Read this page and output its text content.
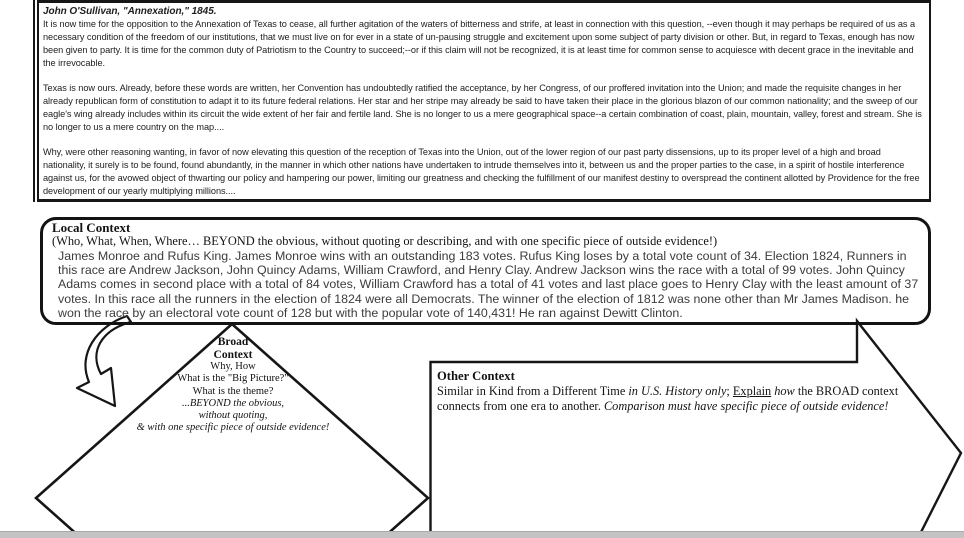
John O'Sullivan, "Annexation," 1845.
It is now time for the opposition to the Annexation of Texas to cease, all further agitation of the waters of bitterness and strife, at least in connection with this question, --even though it may perhaps be required of us as a necessary condition of the freedom of our institutions, that we must live on for ever in a state of un-pausing struggle and excitement upon some subject of party division or other. But, in regard to Texas, enough has now been given to party. It is time for the common duty of Patriotism to the Country to succeed;--or if this claim will not be recognized, it is at least time for common sense to acquiesce with decent grace in the inevitable and the irrevocable.
Texas is now ours. Already, before these words are written, her Convention has undoubtedly ratified the acceptance, by her Congress, of our proffered invitation into the Union; and made the requisite changes in her already republican form of constitution to adapt it to its future federal relations. Her star and her stripe may already be said to have taken their place in the glorious blazon of our common nationality; and the sweep of our eagle's wing already includes within its circuit the wide extent of her fair and fertile land. She is no longer to us a mere geographical space--a certain combination of coast, plain, mountain, valley, forest and stream. She is no longer to us a mere country on the map....
Why, were other reasoning wanting, in favor of now elevating this question of the reception of Texas into the Union, out of the lower region of our past party dissensions, up to its proper level of a high and broad nationality, it surely is to be found, found abundantly, in the manner in which other nations have undertaken to intrude themselves into it, between us and the proper parties to the case, in a spirit of hostile interference against us, for the avowed object of thwarting our policy and hampering our power, limiting our greatness and checking the fulfillment of our manifest destiny to overspread the continent allotted by Providence for the free development of our yearly multiplying millions....
Local Context
(Who, What, When, Where… BEYOND the obvious, without quoting or describing, and with one specific piece of outside evidence!)
James Monroe and Rufus King. James Monroe wins with an outstanding 183 votes. Rufus King loses by a total vote count of 34. Election 1824, Runners in this race are Andrew Jackson, John Quincy Adams, William Crawford, and Henry Clay. Andrew Jackson wins the race with a total of 99 votes. John Quincy Adams comes in second place with a total of 84 votes, William Crawford has a total of 41 votes and last place goes to Henry Clay with the least amount of 37 votes. In this race all the runners in the election of 1824 were all Democrats. The winner of the election of 1812 was none other than Mr James Madison. he won the race by an electoral vote count of 128 but with the popular vote of 140,431! He ran against Dewitt Clinton.
Broad
Context
Why, How
What is the "Big Picture?"
What is the theme?
...BEYOND the obvious,
without quoting,
& with one specific piece of outside evidence!
Other Context
Similar in Kind from a Different Time in U.S. History only; Explain how the BROAD context connects from one era to another. Comparison must have specific piece of outside evidence!
